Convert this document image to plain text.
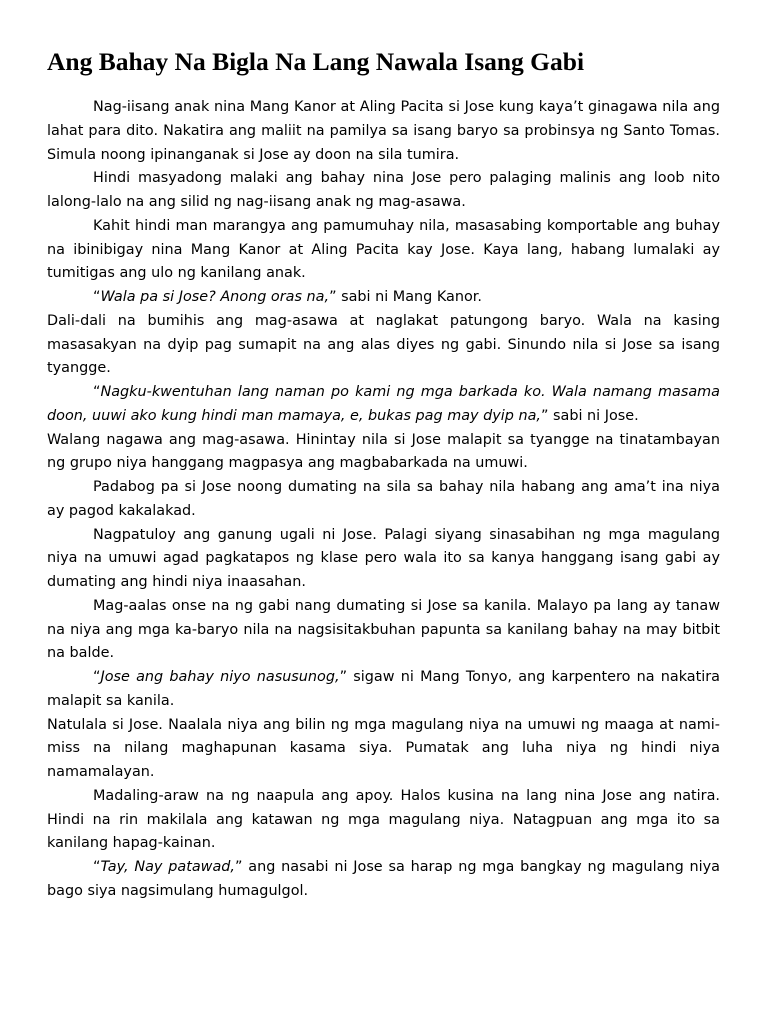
Ang Bahay Na Bigla Na Lang Nawala Isang Gabi

Nag-iisang anak nina Mang Kanor at Aling Pacita si Jose kung kaya’t ginagawa nila ang lahat para dito. Nakatira ang maliit na pamilya sa isang baryo sa probinsya ng Santo Tomas. Simula noong ipinanganak si Jose ay doon na sila tumira.

Hindi masyadong malaki ang bahay nina Jose pero palaging malinis ang loob nito lalong-lalo na ang silid ng nag-iisang anak ng mag-asawa.

Kahit hindi man marangya ang pamumuhay nila, masasabing komportable ang buhay na ibinibigay nina Mang Kanor at Aling Pacita kay Jose. Kaya lang, habang lumalaki ay tumitigas ang ulo ng kanilang anak.

“Wala pa si Jose? Anong oras na,” sabi ni Mang Kanor.

Dali-dali na bumihis ang mag-asawa at naglakat patungong baryo. Wala na kasing masasakyan na dyip pag sumapit na ang alas diyes ng gabi. Sinundo nila si Jose sa isang tyangge.

“Nagku-kwentuhan lang naman po kami ng mga barkada ko. Wala namang masama doon, uuwi ako kung hindi man mamaya, e, bukas pag may dyip na,” sabi ni Jose.

Walang nagawa ang mag-asawa. Hinintay nila si Jose malapit sa tyangge na tinatambayan ng grupo niya hanggang magpasya ang magbabarkada na umuwi.

Padabog pa si Jose noong dumating na sila sa bahay nila habang ang ama’t ina niya ay pagod kakalakad.

Nagpatuloy ang ganung ugali ni Jose. Palagi siyang sinasabihan ng mga magulang niya na umuwi agad pagkatapos ng klase pero wala ito sa kanya hanggang isang gabi ay dumating ang hindi niya inaasahan.

Mag-aalas onse na ng gabi nang dumating si Jose sa kanila. Malayo pa lang ay tanaw na niya ang mga ka-baryo nila na nagsisitakbuhan papunta sa kanilang bahay na may bitbit na balde.

“Jose ang bahay niyo nasusunog,” sigaw ni Mang Tonyo, ang karpentero na nakatira malapit sa kanila.

Natulala si Jose. Naalala niya ang bilin ng mga magulang niya na umuwi ng maaga at nami-miss na nilang maghapunan kasama siya. Pumatak ang luha niya ng hindi niya namamalayan.

Madaling-araw na ng naapula ang apoy. Halos kusina na lang nina Jose ang natira. Hindi na rin makilala ang katawan ng mga magulang niya. Natagpuan ang mga ito sa kanilang hapag-kainan.

“Tay, Nay patawad,” ang nasabi ni Jose sa harap ng mga bangkay ng magulang niya bago siya nagsimulang humagulgol.
